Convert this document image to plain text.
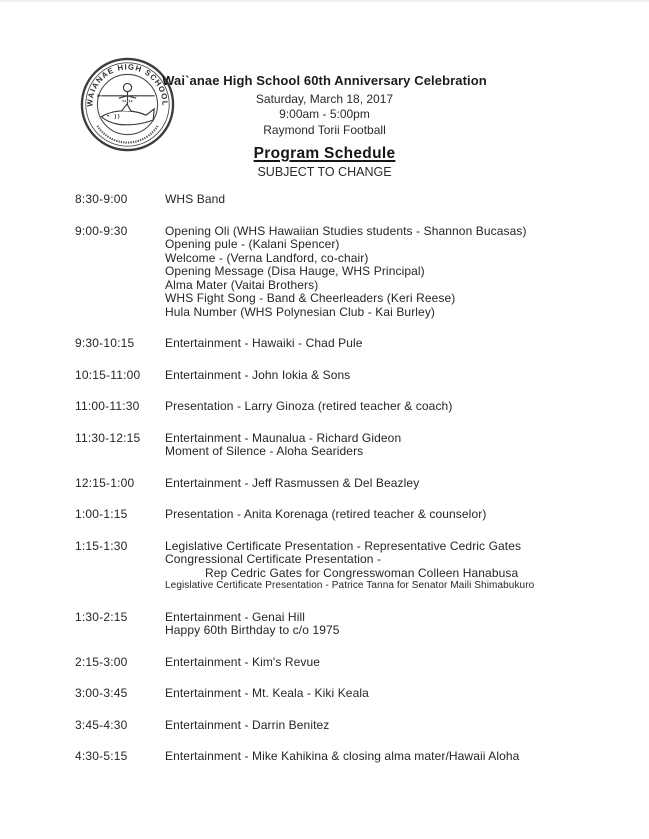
WAIANAE HIGH SCHOOL
Wai`anae High School 60th Anniversary Celebration
Saturday, March 18, 2017
9:00am - 5:00pm
Raymond Torii Football
Program Schedule
SUBJECT TO CHANGE
8:30-9:00	WHS Band
9:00-9:30	Opening Oli (WHS Hawaiian Studies students - Shannon Bucasas)
Opening pule - (Kalani Spencer)
Welcome - (Verna Landford, co-chair)
Opening Message (Disa Hauge, WHS Principal)
Alma Mater (Vaitai Brothers)
WHS Fight Song - Band & Cheerleaders (Keri Reese)
Hula Number (WHS Polynesian Club - Kai Burley)
9:30-10:15	Entertainment - Hawaiki - Chad Pule
10:15-11:00	Entertainment - John Iokia & Sons
11:00-11:30	Presentation - Larry Ginoza (retired teacher & coach)
11:30-12:15	Entertainment - Maunalua - Richard Gideon
Moment of Silence - Aloha Seariders
12:15-1:00	Entertainment - Jeff Rasmussen & Del Beazley
1:00-1:15	Presentation - Anita Korenaga (retired teacher & counselor)
1:15-1:30	Legislative Certificate Presentation - Representative Cedric Gates
Congressional Certificate Presentation -
Rep Cedric Gates for Congresswoman Colleen Hanabusa
Legislative Certificate Presentation - Patrice Tanna for Senator Maili Shimabukuro
1:30-2:15	Entertainment - Genai Hill
Happy 60th Birthday to c/o 1975
2:15-3:00	Entertainment - Kim's Revue
3:00-3:45	Entertainment - Mt. Keala - Kiki Keala
3:45-4:30	Entertainment - Darrin Benitez
4:30-5:15	Entertainment - Mike Kahikina & closing alma mater/Hawaii Aloha
